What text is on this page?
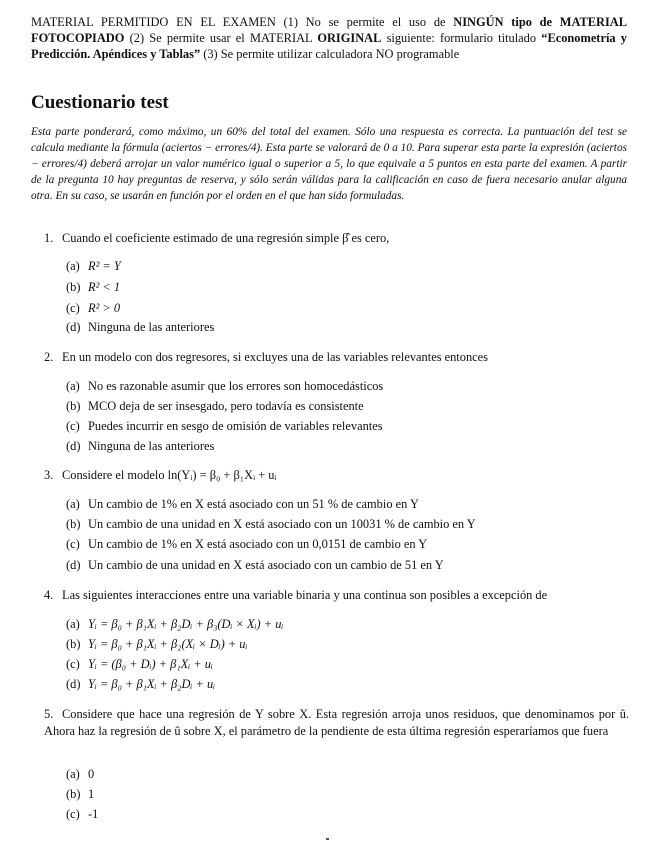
MATERIAL PERMITIDO EN EL EXAMEN (1) No se permite el uso de NINGÚN tipo de MATERIAL FOTOCOPIADO (2) Se permite usar el MATERIAL ORIGINAL siguiente: formulario titulado “Econometría y Predicción. Apéndices y Tablas” (3) Se permite utilizar calculadora NO programable
Cuestionario test

Esta parte ponderará, como máximo, un 60% del total del examen. Sólo una respuesta es correcta. La puntuación del test se calcula mediante la fórmula (aciertos − errores/4). Esta parte se valorará de 0 a 10. Para superar esta parte la expresión (aciertos − errores/4) deberá arrojar un valor numérico igual o superior a 5, lo que equivale a 5 puntos en esta parte del examen. A partir de la pregunta 10 hay preguntas de reserva, y sólo serán válidas para la calificación en caso de fuera necesario anular alguna otra. En su caso, se usarán en función por el orden en el que han sido formuladas.

1. Cuando el coeficiente estimado de una regresión simple β̂ es cero,
(a) R² = Y
(b) R² < 1
(c) R² > 0
(d) Ninguna de las anteriores
2. En un modelo con dos regresores, si excluyes una de las variables relevantes entonces
(a) No es razonable asumir que los errores son homocedásticos
(b) MCO deja de ser insesgado, pero todavía es consistente
(c) Puedes incurrir en sesgo de omisión de variables relevantes
(d) Ninguna de las anteriores
3. Considere el modelo ln(Yᵢ) = β₀ + β₁Xᵢ + uᵢ
(a) Un cambio de 1% en X está asociado con un 51 % de cambio en Y
(b) Un cambio de una unidad en X está asociado con un 10031 % de cambio en Y
(c) Un cambio de 1% en X está asociado con un 0,0151 de cambio en Y
(d) Un cambio de una unidad en X está asociado con un cambio de 51 en Y
4. Las siguientes interacciones entre una variable binaria y una continua son posibles a excepción de
(a) Yᵢ = β₀ + β₁Xᵢ + β₂Dᵢ + β₃(Dᵢ × Xᵢ) + uᵢ
(b) Yᵢ = β₀ + β₁Xᵢ + β₂(Xᵢ × Dᵢ) + uᵢ
(c) Yᵢ = (β₀ + Dᵢ) + β₁Xᵢ + uᵢ
(d) Yᵢ = β₀ + β₁Xᵢ + β₂Dᵢ + uᵢ
5. Considere que hace una regresión de Y sobre X. Esta regresión arroja unos residuos, que denominamos por û. Ahora haz la regresión de û sobre X, el parámetro de la pendiente de esta última regresión esperaríamos que fuera
(a) 0
(b) 1
(c) -1
